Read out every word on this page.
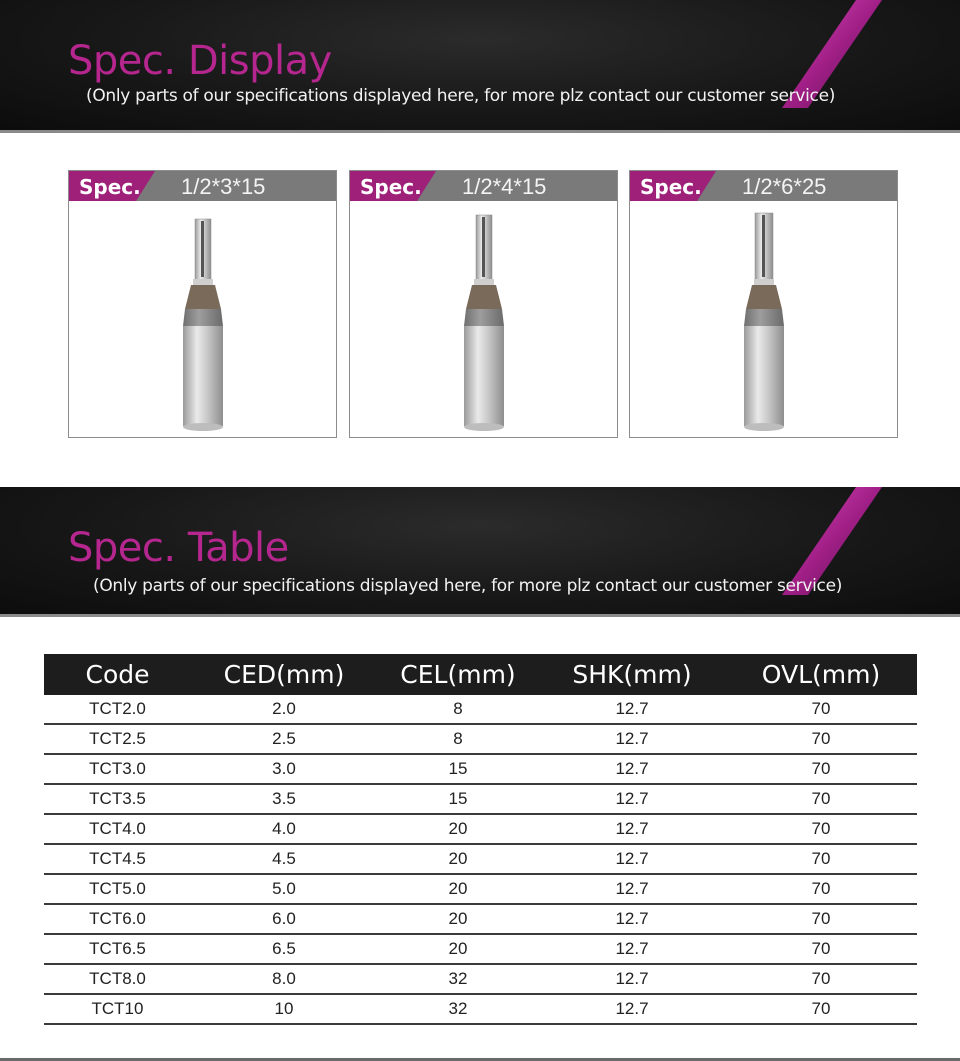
Spec. Display
(Only parts of our specifications displayed here, for more plz contact our customer service)
Spec. 1/2*3*15	Spec. 1/2*4*15	Spec. 1/2*6*25
Spec. Table
(Only parts of our specifications displayed here, for more plz contact our customer service)
Code	CED(mm)	CEL(mm)	SHK(mm)	OVL(mm)
TCT2.0	2.0	8	12.7	70
TCT2.5	2.5	8	12.7	70
TCT3.0	3.0	15	12.7	70
TCT3.5	3.5	15	12.7	70
TCT4.0	4.0	20	12.7	70
TCT4.5	4.5	20	12.7	70
TCT5.0	5.0	20	12.7	70
TCT6.0	6.0	20	12.7	70
TCT6.5	6.5	20	12.7	70
TCT8.0	8.0	32	12.7	70
TCT10	10	32	12.7	70
